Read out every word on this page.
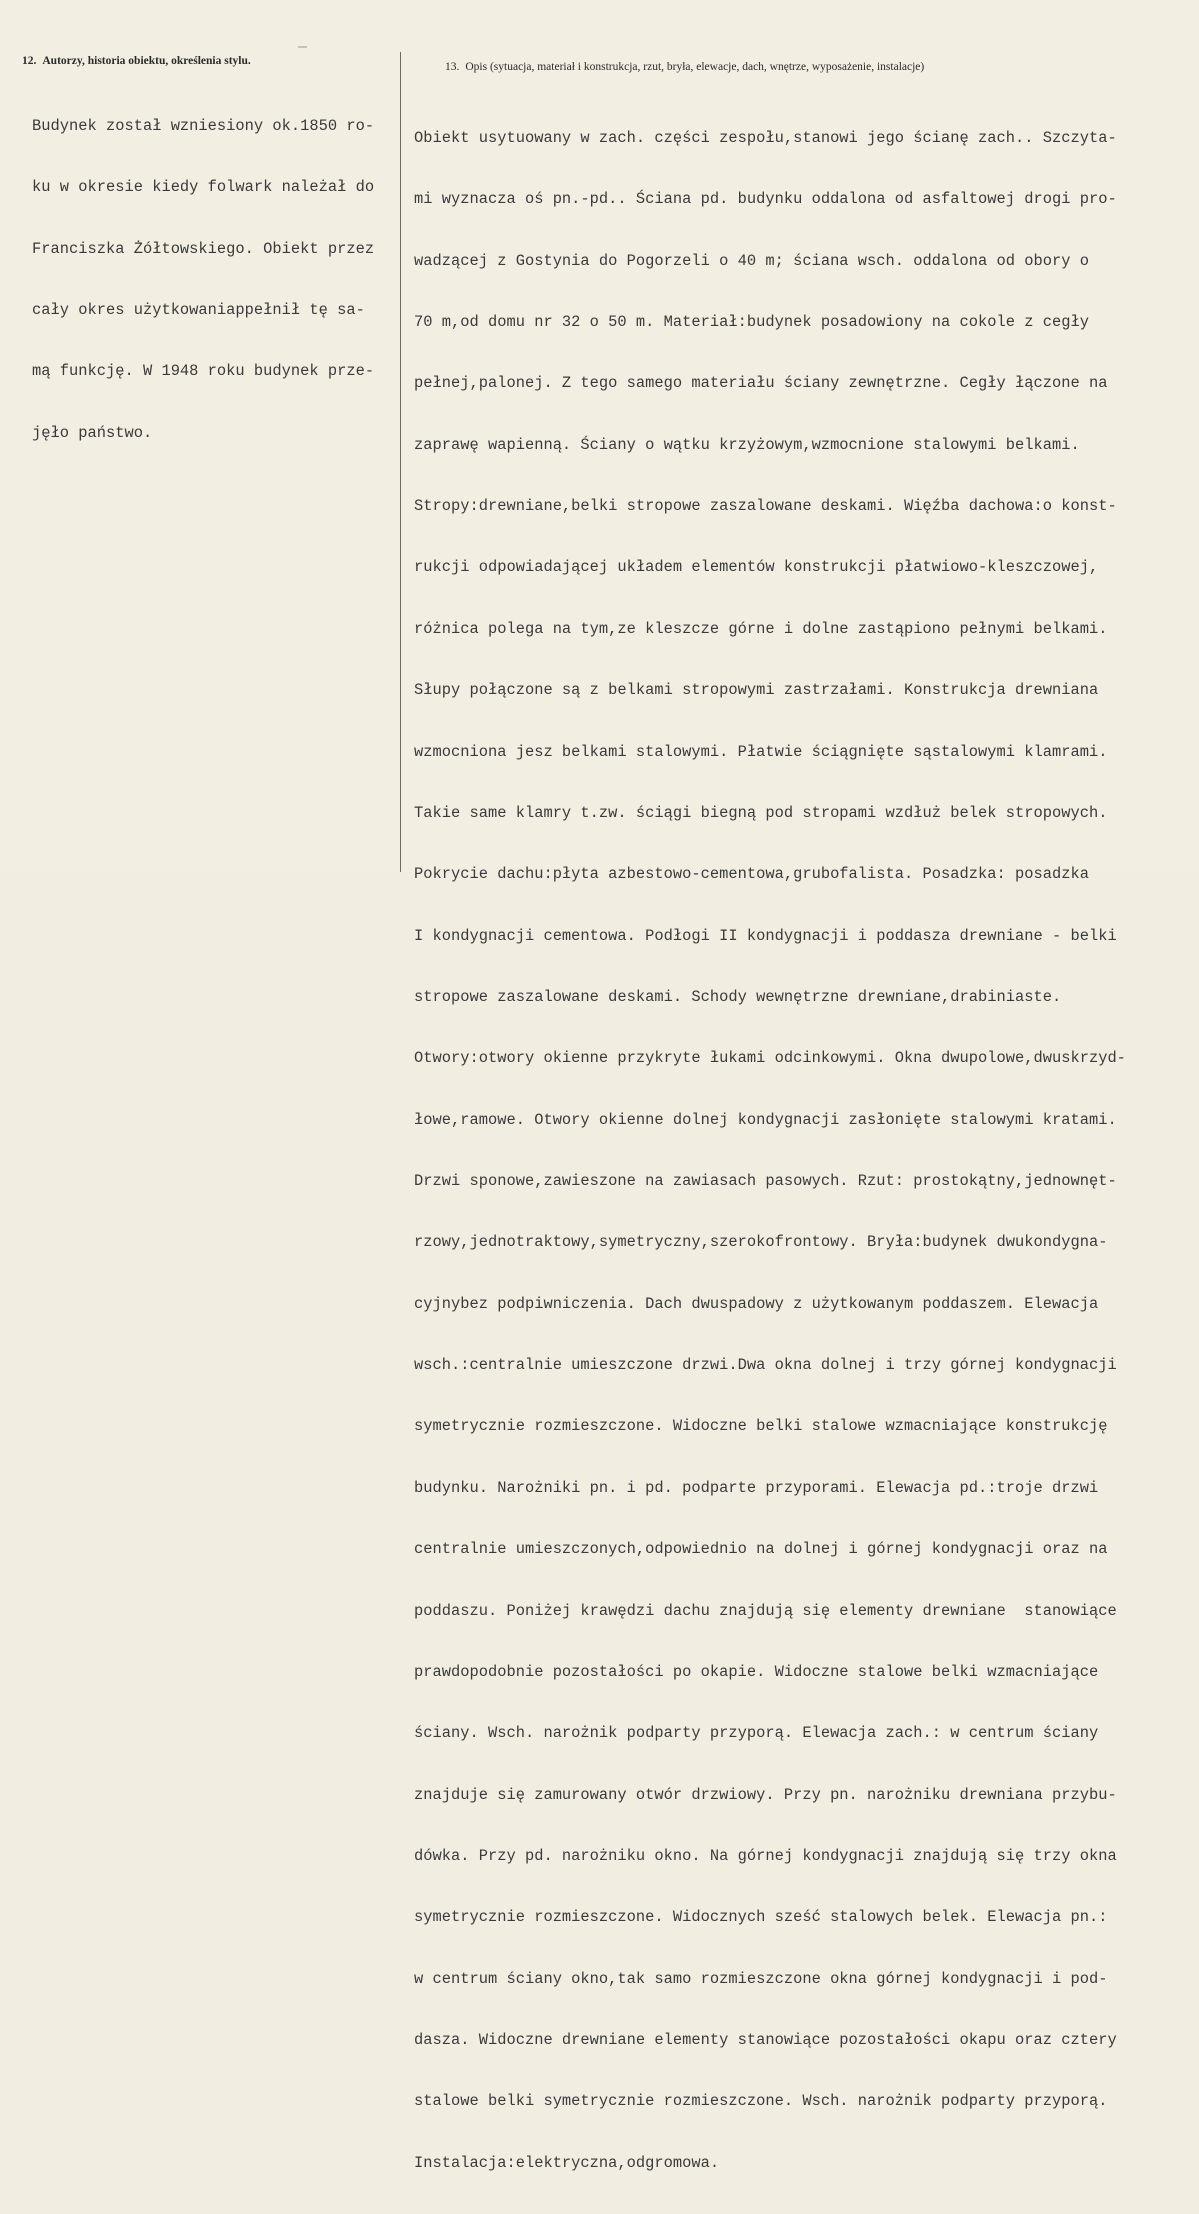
12. Autorzy, historia obiektu, określenia stylu.	13. Opis (sytuacja, materiał i konstrukcja, rzut, bryła, elewacje, dach, wnętrze, wyposażenie, instalacje)

Budynek został wzniesiony ok.1850 ro-

ku w okresie kiedy folwark należał do

Franciszka Żółtowskiego. Obiekt przez

cały okres użytkowaniappełnił tę sa-

mą funkcję. W 1948 roku budynek prze-

jęło państwo.

Obiekt usytuowany w zach. części zespołu,stanowi jego ścianę zach.. Szczyta-

mi wyznacza oś pn.-pd.. Ściana pd. budynku oddalona od asfaltowej drogi pro-

wadzącej z Gostynia do Pogorzeli o 40 m; ściana wsch. oddalona od obory o

70 m,od domu nr 32 o 50 m. Materiał:budynek posadowiony na cokole z cegły

pełnej,palonej. Z tego samego materiału ściany zewnętrzne. Cegły łączone na

zaprawę wapienną. Ściany o wątku krzyżowym,wzmocnione stalowymi belkami.

Stropy:drewniane,belki stropowe zaszalowane deskami. Więźba dachowa:o konst-

rukcji odpowiadającej układem elementów konstrukcji płatwiowo-kleszczowej,

różnica polega na tym,ze kleszcze górne i dolne zastąpiono pełnymi belkami.

Słupy połączone są z belkami stropowymi zastrzałami. Konstrukcja drewniana

wzmocniona jesz belkami stalowymi. Płatwie ściągnięte sąstalowymi klamrami.

Takie same klamry t.zw. ściągi biegną pod stropami wzdłuż belek stropowych.

Pokrycie dachu:płyta azbestowo-cementowa,grubofalista. Posadzka: posadzka

I kondygnacji cementowa. Podłogi II kondygnacji i poddasza drewniane - belki

stropowe zaszalowane deskami. Schody wewnętrzne drewniane,drabiniaste.

Otwory:otwory okienne przykryte łukami odcinkowymi. Okna dwupolowe,dwuskrzyd-

łowe,ramowe. Otwory okienne dolnej kondygnacji zasłonięte stalowymi kratami.

Drzwi sponowe,zawieszone na zawiasach pasowych. Rzut: prostokątny,jednownęt-

rzowy,jednotraktowy,symetryczny,szerokofrontowy. Bryła:budynek dwukondygna-

cyjnybez podpiwniczenia. Dach dwuspadowy z użytkowanym poddaszem. Elewacja

wsch.:centralnie umieszczone drzwi.Dwa okna dolnej i trzy górnej kondygnacji

symetrycznie rozmieszczone. Widoczne belki stalowe wzmacniające konstrukcję

budynku. Narożniki pn. i pd. podparte przyporami. Elewacja pd.:troje drzwi

centralnie umieszczonych,odpowiednio na dolnej i górnej kondygnacji oraz na

poddaszu. Poniżej krawędzi dachu znajdują się elementy drewniane  stanowiące

prawdopodobnie pozostałości po okapie. Widoczne stalowe belki wzmacniające

ściany. Wsch. narożnik podparty przyporą. Elewacja zach.: w centrum ściany

znajduje się zamurowany otwór drzwiowy. Przy pn. narożniku drewniana przybu-

dówka. Przy pd. narożniku okno. Na górnej kondygnacji znajdują się trzy okna

symetrycznie rozmieszczone. Widocznych sześć stalowych belek. Elewacja pn.:

w centrum ściany okno,tak samo rozmieszczone okna górnej kondygnacji i pod-

dasza. Widoczne drewniane elementy stanowiące pozostałości okapu oraz cztery

stalowe belki symetrycznie rozmieszczone. Wsch. narożnik podparty przyporą.

Instalacja:elektryczna,odgromowa.
